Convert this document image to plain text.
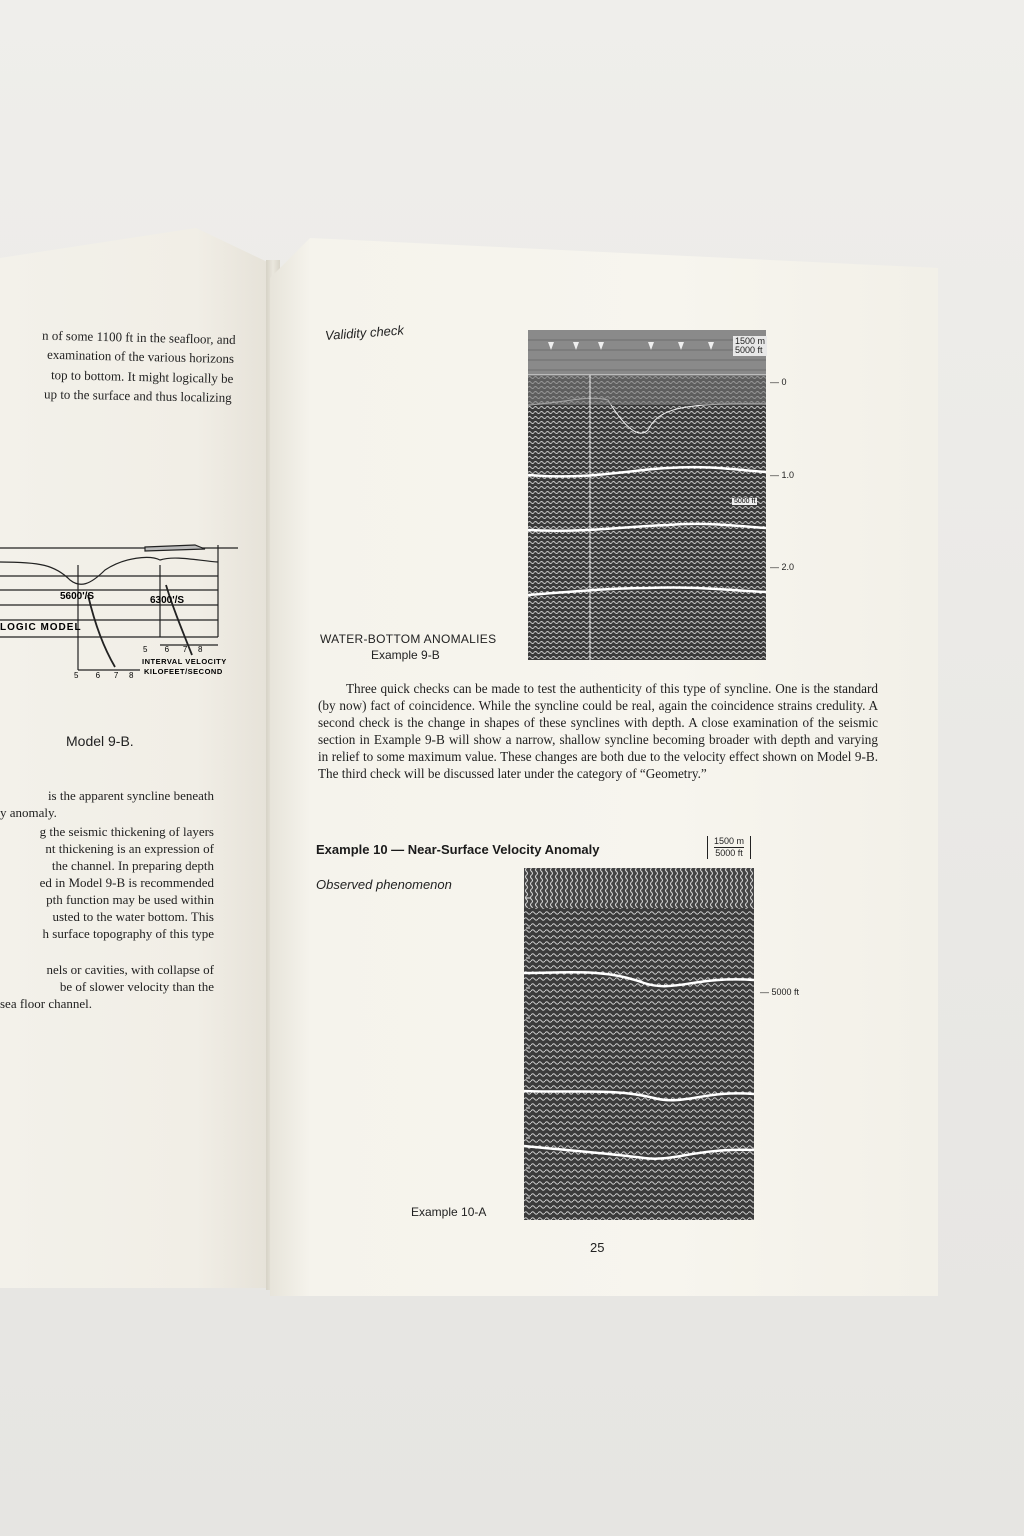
n of some 1100 ft in the seafloor, and
examination of the various horizons
top to bottom. It might logically be
up to the surface and thus localizing
5600'/S	6300'/S
LOGIC MODEL
5 6 7 8
INTERVAL VELOCITY
KILOFEET/SECOND
5 6 7 8
Model 9-B.
is the apparent syncline beneath
y anomaly.
g the seismic thickening of layers
nt thickening is an expression of
the channel. In preparing depth
ed in Model 9-B is recommended
pth function may be used within
usted to the water bottom. This
h surface topography of this type
nels or cavities, with collapse of
be of slower velocity than the
sea floor channel.
Validity check
5000 ft
1500 m
5000 ft
— 0
— 1.0
— 2.0
WATER-BOTTOM ANOMALIES
Example 9-B

Three quick checks can be made to test the authenticity of this type of syncline. One is the standard (by now) fact of coincidence. While the syncline could be real, again the coincidence strains credulity. A second check is the change in shapes of these synclines with depth. A close examination of the seismic section in Example 9-B will show a narrow, shallow syncline becoming broader with depth and varying in relief to some maximum value. These changes are both due to the velocity effect shown on Model 9-B. The third check will be discussed later under the category of “Geometry.”

Example 10 — Near-Surface Velocity Anomaly
1500 m
5000 ft
Observed phenomenon
— 5000 ft
Example 10-A
25
